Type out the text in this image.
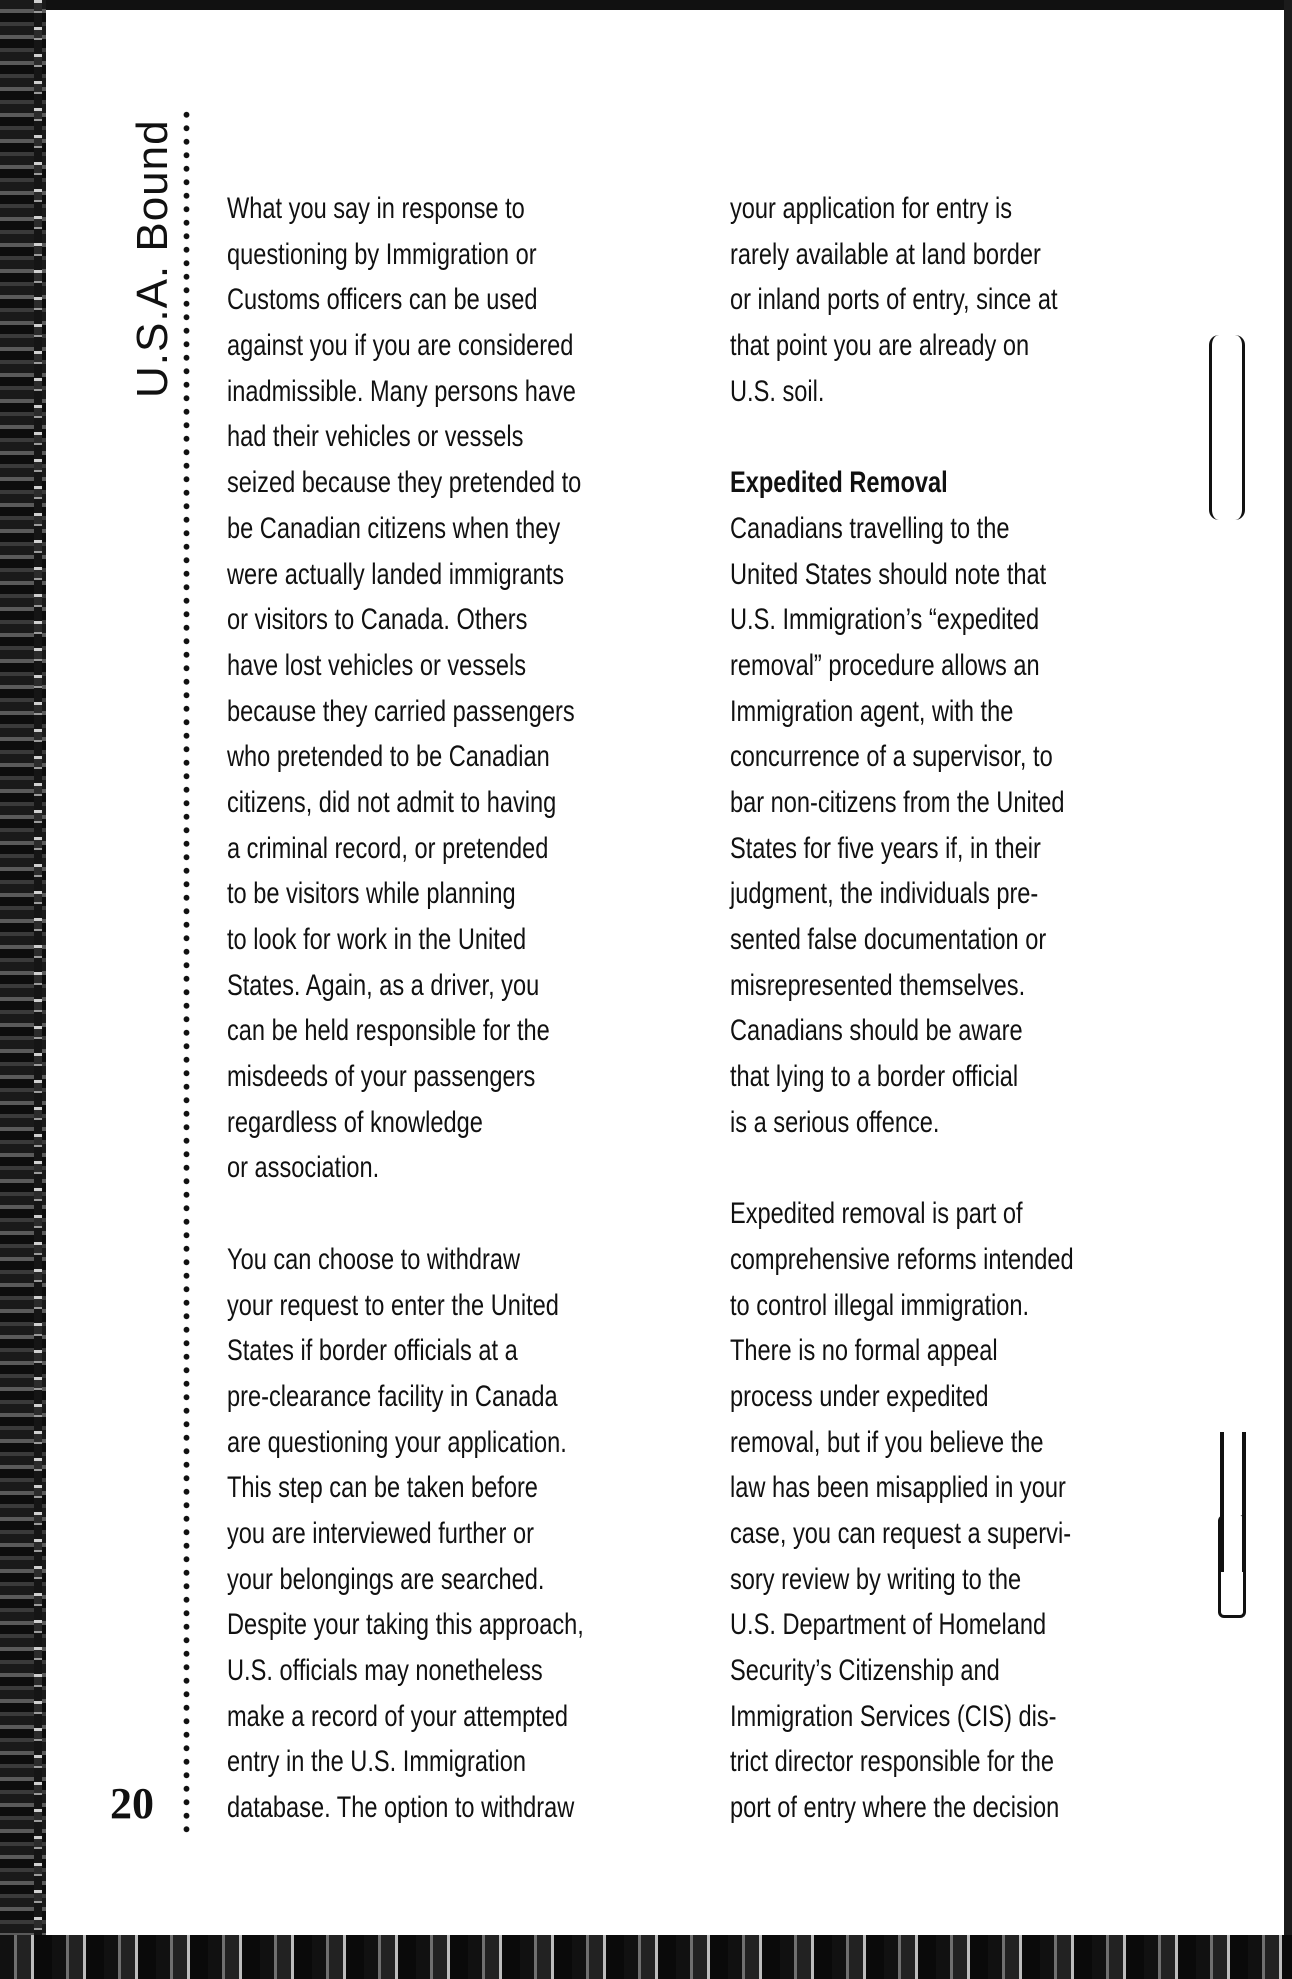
U.S.A. Bound
20
What you say in response to
questioning by Immigration or
Customs officers can be used
against you if you are considered
inadmissible. Many persons have
had their vehicles or vessels
seized because they pretended to
be Canadian citizens when they
were actually landed immigrants
or visitors to Canada. Others
have lost vehicles or vessels
because they carried passengers
who pretended to be Canadian
citizens, did not admit to having
a criminal record, or pretended
to be visitors while planning
to look for work in the United
States. Again, as a driver, you
can be held responsible for the
misdeeds of your passengers
regardless of knowledge
or association.
You can choose to withdraw
your request to enter the United
States if border officials at a
pre-clearance facility in Canada
are questioning your application.
This step can be taken before
you are interviewed further or
your belongings are searched.
Despite your taking this approach,
U.S. officials may nonetheless
make a record of your attempted
entry in the U.S. Immigration
database. The option to withdraw
your application for entry is
rarely available at land border
or inland ports of entry, since at
that point you are already on
U.S. soil.
Expedited Removal
Canadians travelling to the
United States should note that
U.S. Immigration’s “expedited
removal” procedure allows an
Immigration agent, with the
concurrence of a supervisor, to
bar non-citizens from the United
States for five years if, in their
judgment, the individuals pre-
sented false documentation or
misrepresented themselves.
Canadians should be aware
that lying to a border official
is a serious offence.
Expedited removal is part of
comprehensive reforms intended
to control illegal immigration.
There is no formal appeal
process under expedited
removal, but if you believe the
law has been misapplied in your
case, you can request a supervi-
sory review by writing to the
U.S. Department of Homeland
Security’s Citizenship and
Immigration Services (CIS) dis-
trict director responsible for the
port of entry where the decision
